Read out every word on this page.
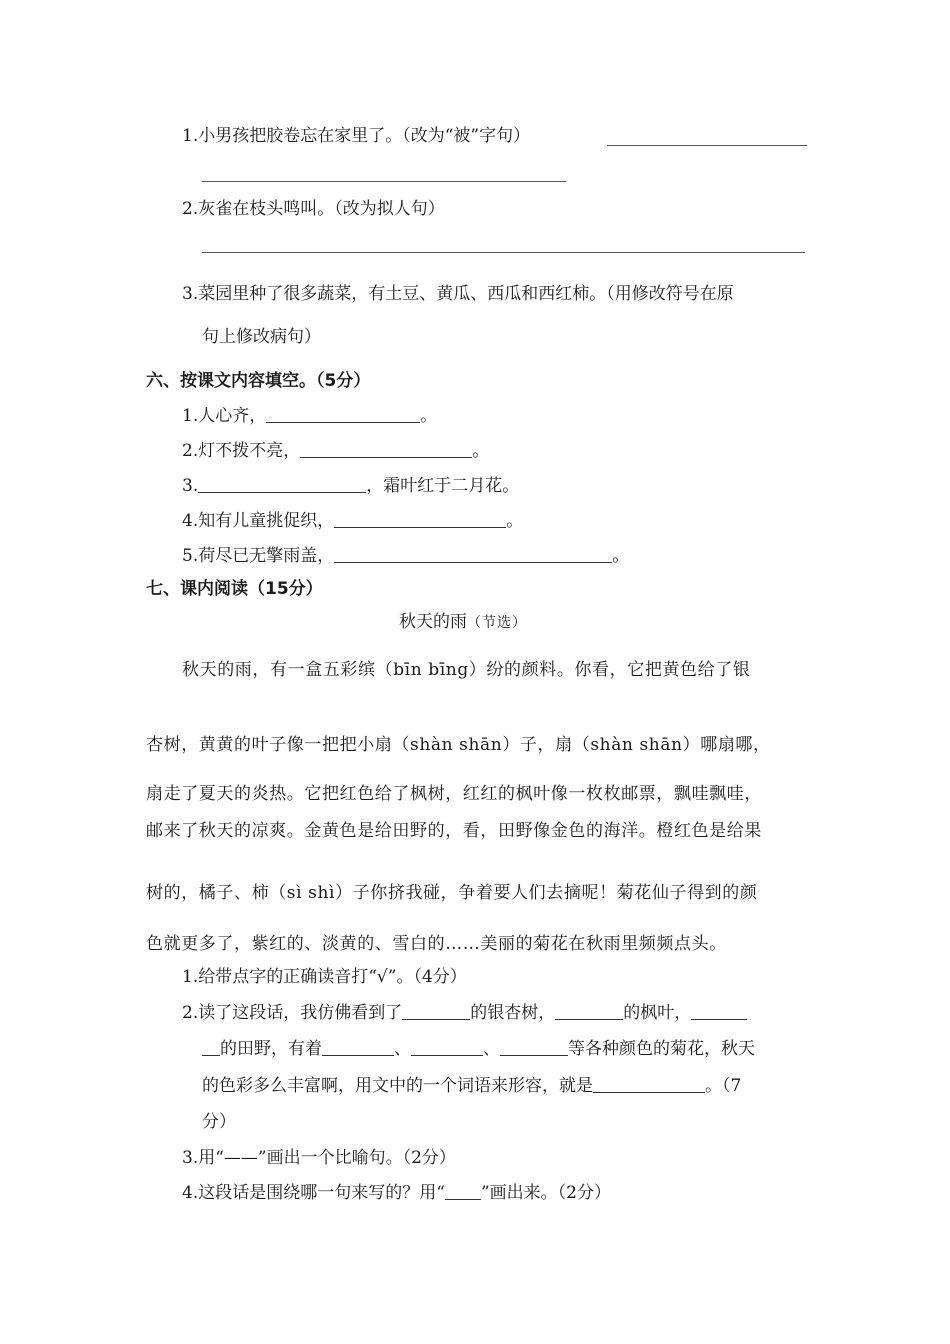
1.小男孩把胶卷忘在家里了。（改为“被”字句）
2.灰雀在枝头鸣叫。（改为拟人句）
3.菜园里种了很多蔬菜，有土豆、黄瓜、西瓜和西红柿。（用修改符号在原
句上修改病句）
六、按课文内容填空。（5分）
1.人心齐，	。
2.灯不拨不亮，	。
3.	，霜叶红于二月花。
4.知有儿童挑促织，	。
5.荷尽已无擎雨盖，	。
七、课内阅读（15分）
秋天的雨（节选）
秋天的雨，有一盒五彩缤（bīn bīng）纷的颜料。你看，它把黄色给了银
杏树，黄黄的叶子像一把把小扇（shàn shān）子，扇（shàn shān）哪扇哪，
扇走了夏天的炎热。它把红色给了枫树，红红的枫叶像一枚枚邮票，飘哇飘哇，
邮来了秋天的凉爽。金黄色是给田野的，看，田野像金色的海洋。橙红色是给果
树的，橘子、柿（sì shì）子你挤我碰，争着要人们去摘呢！菊花仙子得到的颜
色就更多了，紫红的、淡黄的、雪白的……美丽的菊花在秋雨里频频点头。
1.给带点字的正确读音打“√”。（4分）
2.读了这段话，我仿佛看到了	的银杏树，	的枫叶，
的田野，有着	、	、	等各种颜色的菊花，秋天
的色彩多么丰富啊，用文中的一个词语来形容，就是	。（7
分）
3.用“——”画出一个比喻句。（2分）
4.这段话是围绕哪一句来写的？用“ ”画出来。（2分）
